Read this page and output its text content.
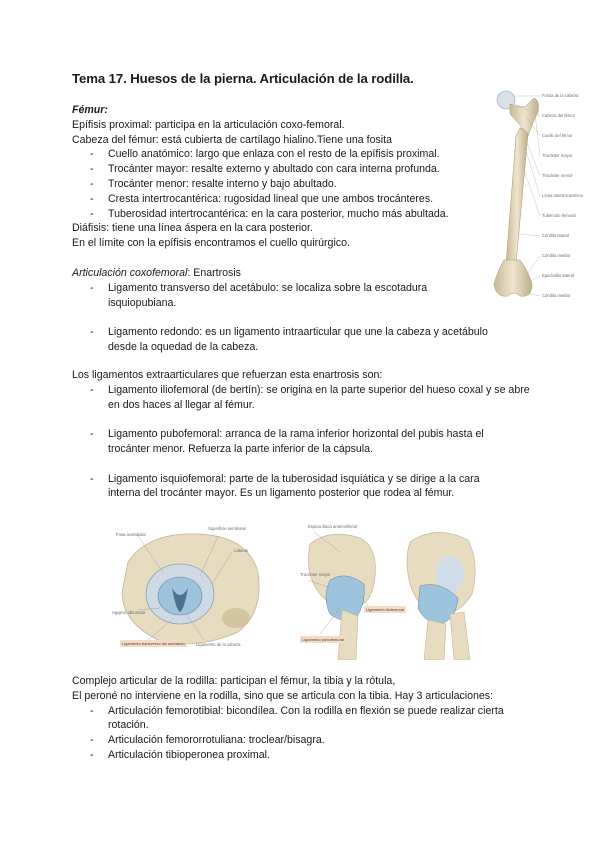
Tema 17. Huesos de la pierna. Articulación de la rodilla.
Fémur:
Epífisis proximal: participa en la articulación coxo-femoral.
Cabeza del fémur: está cubierta de cartílago hialino.Tiene una fosita
- Cuello anatómico: largo que enlaza con el resto de la epífisis proximal.
- Trocánter mayor: resalte externo y abultado con cara interna profunda.
- Trocánter menor: resalte interno y bajo abultado.
- Cresta intertrocantérica: rugosidad lineal que une ambos trocánteres.
- Tuberosidad intertrocantérica: en la cara posterior, mucho más abultada.
Diáfisis: tiene una línea áspera en la cara posterior.
En el límite con la epífisis encontramos el cuello quirúrgico.
Articulación coxofemoral: Enartrosis
- Ligamento transverso del acetábulo: se localiza sobre la escotadura isquiopubiana.
- Ligamento redondo: es un ligamento intraarticular que une la cabeza y acetábulo desde la oquedad de la cabeza.
Los ligamentos extraarticulares que refuerzan esta enartrosis son:
- Ligamento iliofemoral (de bertín): se origina en la parte superior del hueso coxal y se abre en dos haces al llegar al fémur.
- Ligamento pubofemoral: arranca de la rama inferior horizontal del pubis hasta el trocánter menor. Refuerza la parte inferior de la cápsula.
- Ligamento isquiofemoral: parte de la tuberosidad isquiática y se dirige a la cara interna del trocánter mayor. Es un ligamento posterior que rodea al fémur.
Complejo articular de la rodilla: participan el fémur, la tibia y la rótula,
El peroné no interviene en la rodilla, sino que se articula con la tibia. Hay 3 articulaciones:
- Articulación femorotibial: bicondílea. Con la rodilla en flexión se puede realizar cierta rotación.
- Articulación femororrotuliana: troclear/bisagra.
- Articulación tibioperonea proximal.
Fosita de la cabeza
Cabeza del fémur
Cuello del fémur
Trocánter mayor
Trocánter menor
Línea intertrocantérea
Tubérculo femoral
Cóndilo lateral
Cóndilo medial
Epicóndilo lateral
Cóndilo medial
Fosa acetabular
Superficie semilunar
Labrum
Agujero obturador
Ligamento transverso del acetábulo	Ligamento de la cabeza
Espina ilíaca anteroinferior
Trocánter mayor
Ligamento iliofemoral
Ligamento pubofemoral
